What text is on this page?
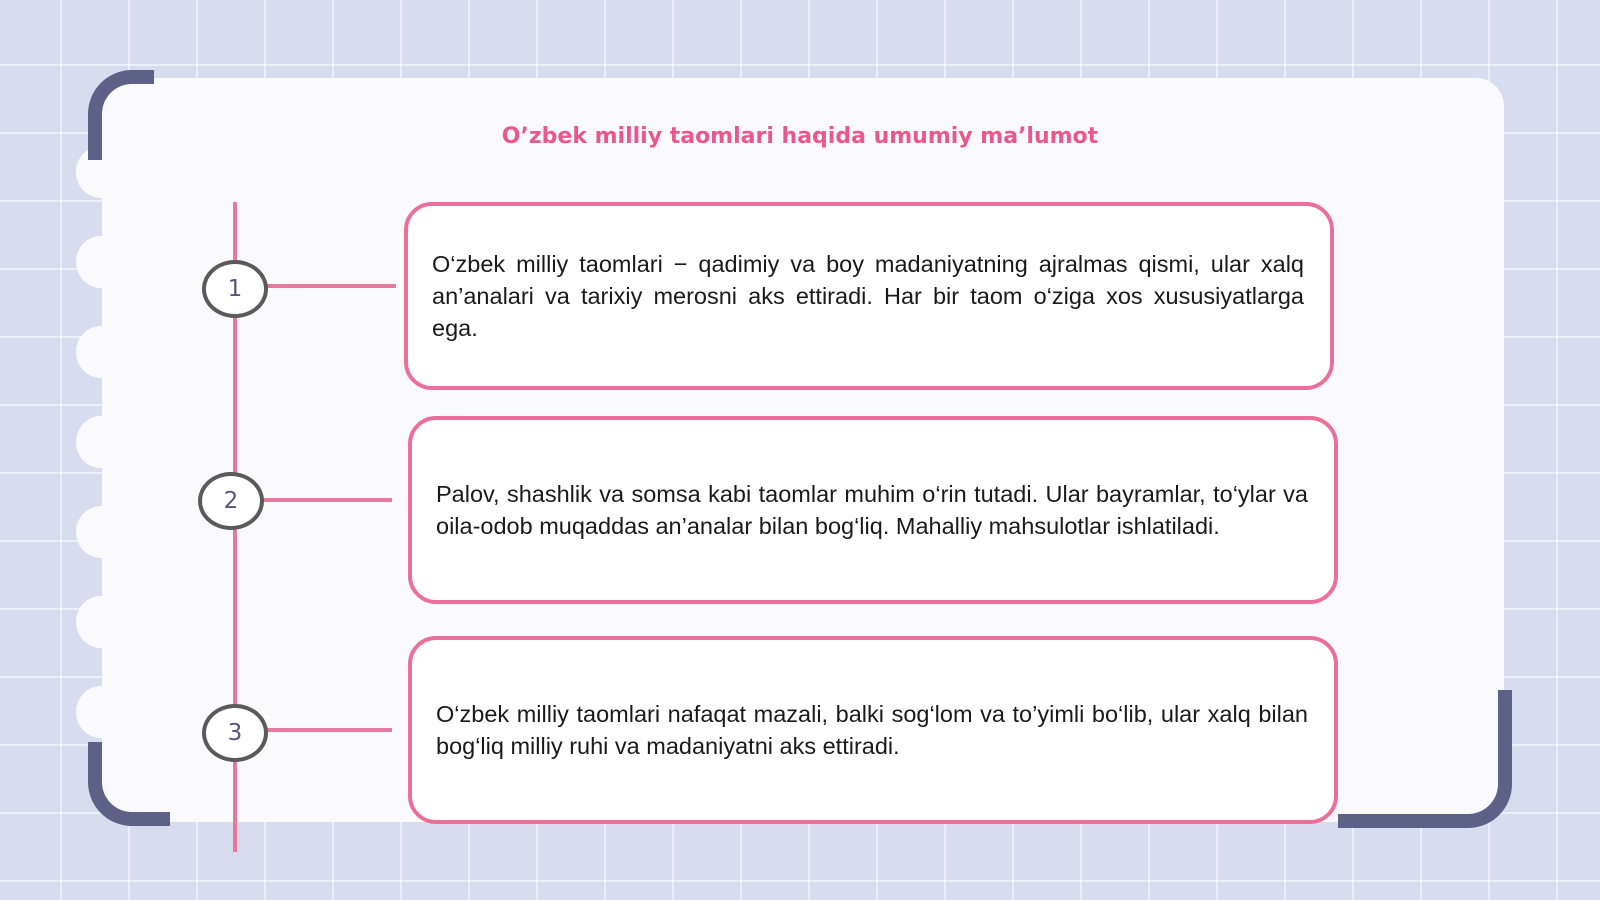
O’zbek milliy taomlari haqida umumiy ma’lumot
1
2
3

O‘zbek milliy taomlari − qadimiy va boy madaniyatning ajralmas qismi, ular xalq an’analari va tarixiy merosni aks ettiradi. Har bir taom o‘ziga xos xususiyatlarga ega.

Palov, shashlik va somsa kabi taomlar muhim o‘rin tutadi. Ular bayramlar, to‘ylar va oila-odob muqaddas an’analar bilan bog‘liq. Mahalliy mahsulotlar ishlatiladi.

O‘zbek milliy taomlari nafaqat mazali, balki sog‘lom va to’yimli bo‘lib, ular xalq bilan bog‘liq milliy ruhi va madaniyatni aks ettiradi.
